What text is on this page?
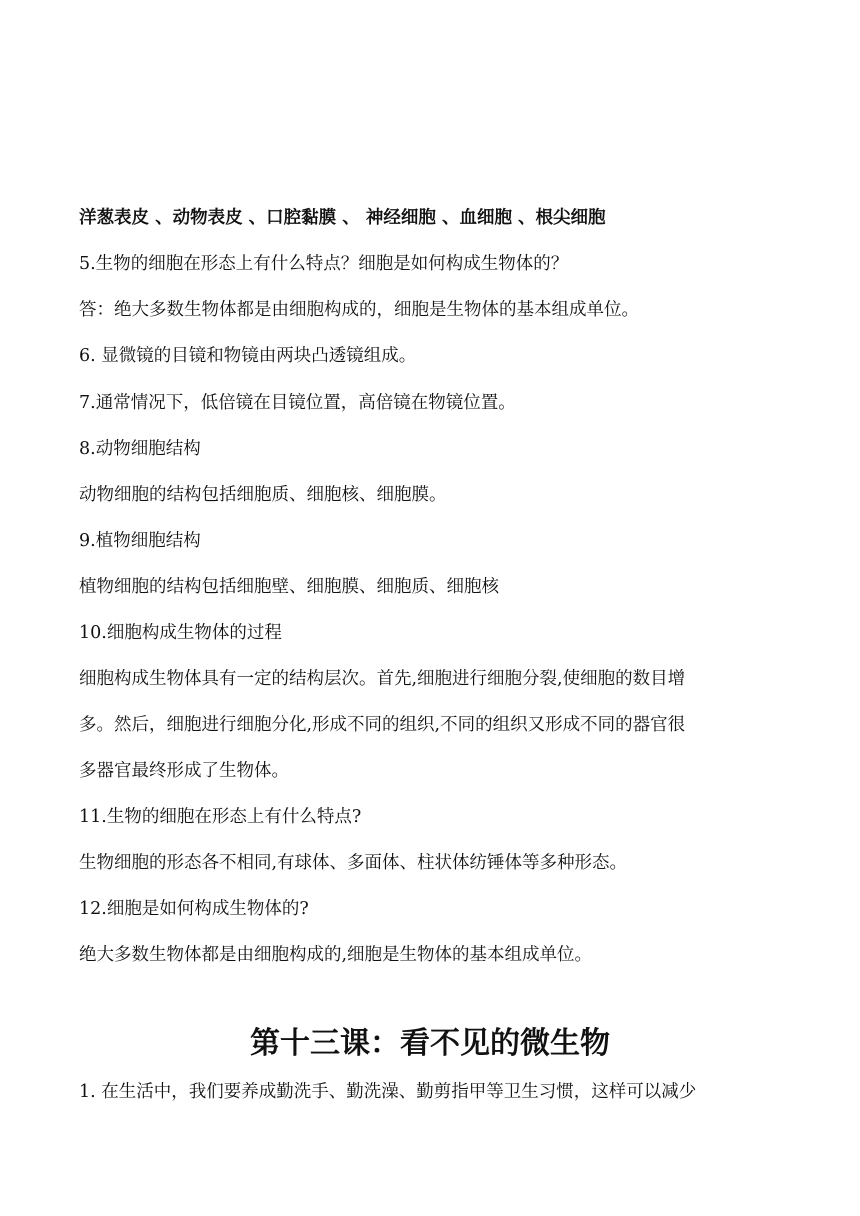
洋葱表皮 、动物表皮 、口腔黏膜 、 神经细胞 、血细胞 、根尖细胞
5.生物的细胞在形态上有什么特点？细胞是如何构成生物体的？
答：绝大多数生物体都是由细胞构成的，细胞是生物体的基本组成单位。
6. 显微镜的目镜和物镜由两块凸透镜组成。
7.通常情况下，低倍镜在目镜位置，高倍镜在物镜位置。
8.动物细胞结构
动物细胞的结构包括细胞质、细胞核、细胞膜。
9.植物细胞结构
植物细胞的结构包括细胞壁、细胞膜、细胞质、细胞核
10.细胞构成生物体的过程
细胞构成生物体具有一定的结构层次。首先,细胞进行细胞分裂,使细胞的数目增
多。然后，细胞进行细胞分化,形成不同的组织,不同的组织又形成不同的器官很
多器官最终形成了生物体。
11.生物的细胞在形态上有什么特点?
生物细胞的形态各不相同,有球体、多面体、柱状体纺锤体等多种形态。
12.细胞是如何构成生物体的?
绝大多数生物体都是由细胞构成的,细胞是生物体的基本组成单位。
第十三课：看不见的微生物
1. 在生活中，我们要养成勤洗手、勤洗澡、勤剪指甲等卫生习惯，这样可以减少
